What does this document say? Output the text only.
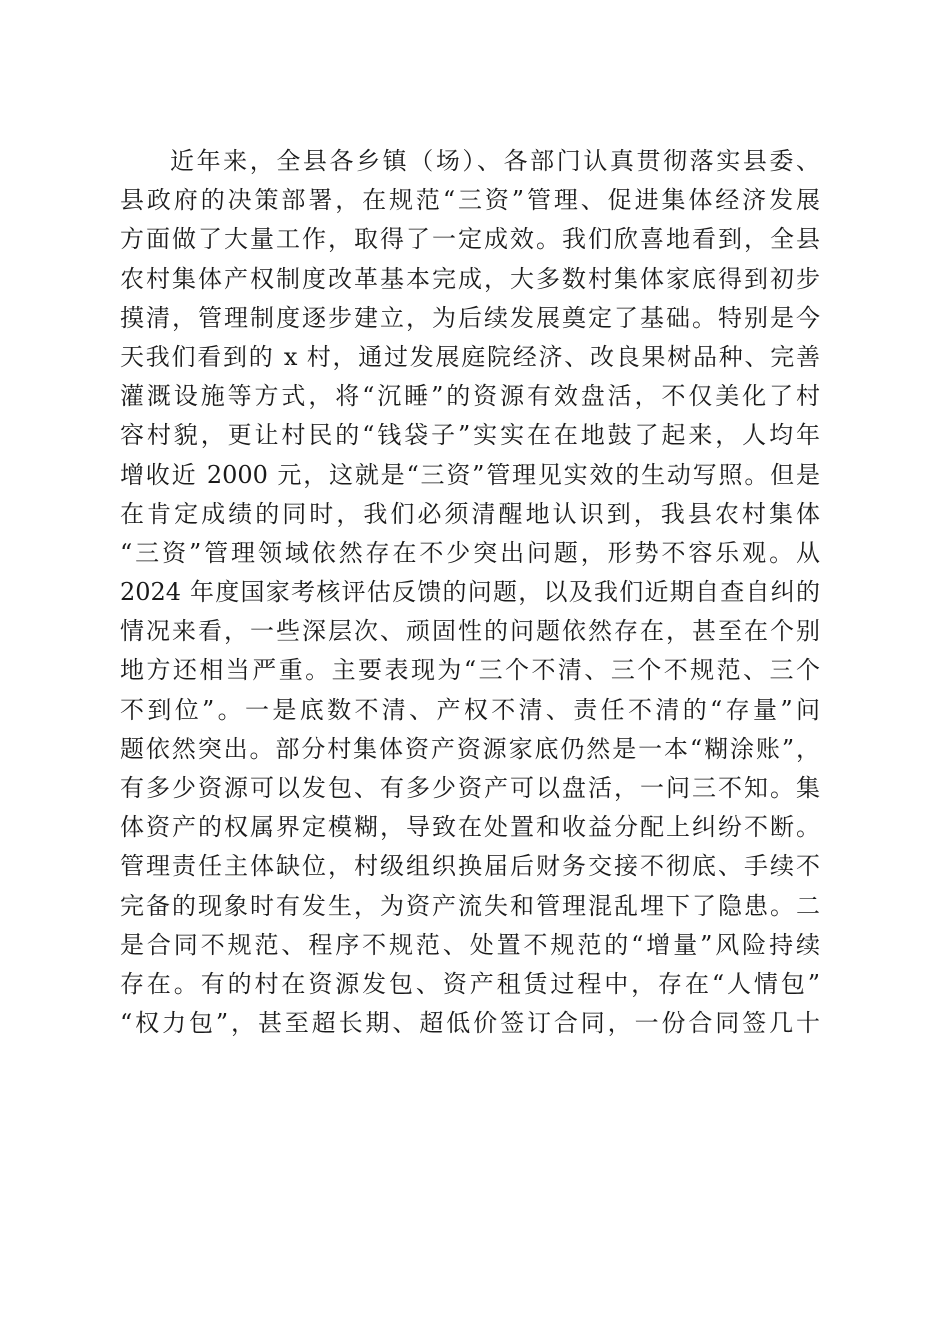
近年来，全县各乡镇（场）、各部门认真贯彻落实县委、
县政府的决策部署，在规范“三资”管理、促进集体经济发展
方面做了大量工作，取得了一定成效。我们欣喜地看到，全县
农村集体产权制度改革基本完成，大多数村集体家底得到初步
摸清，管理制度逐步建立，为后续发展奠定了基础。特别是今
天我们看到的 x 村，通过发展庭院经济、改良果树品种、完善
灌溉设施等方式，将“沉睡”的资源有效盘活，不仅美化了村
容村貌，更让村民的“钱袋子”实实在在地鼓了起来，人均年
增收近 2000 元，这就是“三资”管理见实效的生动写照。但是
在肯定成绩的同时，我们必须清醒地认识到，我县农村集体
“三资”管理领域依然存在不少突出问题，形势不容乐观。从
2024 年度国家考核评估反馈的问题，以及我们近期自查自纠的
情况来看，一些深层次、顽固性的问题依然存在，甚至在个别
地方还相当严重。主要表现为“三个不清、三个不规范、三个
不到位”。一是底数不清、产权不清、责任不清的“存量”问
题依然突出。部分村集体资产资源家底仍然是一本“糊涂账”，
有多少资源可以发包、有多少资产可以盘活，一问三不知。集
体资产的权属界定模糊，导致在处置和收益分配上纠纷不断。
管理责任主体缺位，村级组织换届后财务交接不彻底、手续不
完备的现象时有发生，为资产流失和管理混乱埋下了隐患。二
是合同不规范、程序不规范、处置不规范的“增量”风险持续
存在。有的村在资源发包、资产租赁过程中，存在“人情包”
“权力包”，甚至超长期、超低价签订合同，一份合同签几十
